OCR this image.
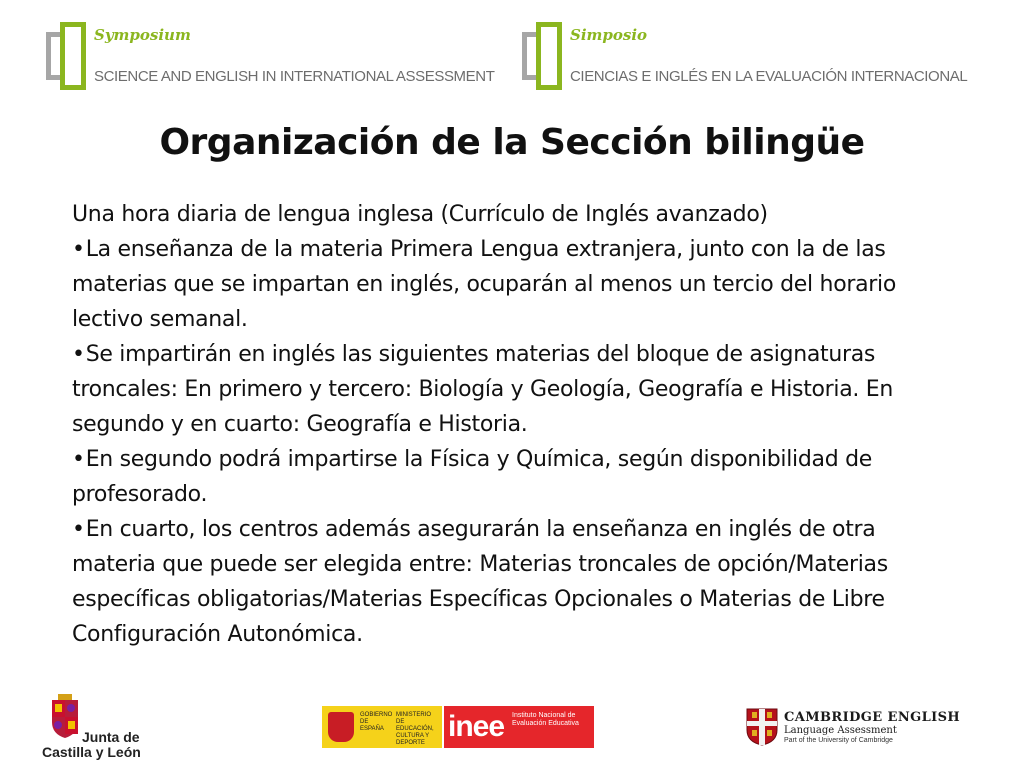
Symposium
SCIENCE AND ENGLISH IN INTERNATIONAL ASSESSMENT
Simposio
CIENCIAS E INGLÉS EN LA EVALUACIÓN INTERNACIONAL
Organización de la Sección bilingüe

Una hora diaria de lengua inglesa (Currículo de Inglés avanzado)

•La enseñanza de la materia Primera Lengua extranjera, junto con la de las materias que se impartan en inglés, ocuparán al menos un tercio del horario lectivo semanal.

•Se impartirán en inglés las siguientes materias del bloque de asignaturas troncales: En primero y tercero: Biología y Geología, Geografía e Historia. En segundo y en cuarto: Geografía e Historia.

•En segundo podrá impartirse la Física y Química, según disponibilidad de profesorado.

•En cuarto, los centros además asegurarán la enseñanza en inglés de otra materia que puede ser elegida entre: Materias troncales de opción/Materias específicas obligatorias/Materias Específicas Opcionales o Materias de Libre Configuración Autonómica.

Junta de
Castilla y León
GOBIERNO DE ESPAÑA
MINISTERIO DE EDUCACIÓN, CULTURA Y DEPORTE inee Instituto Nacional de Evaluación Educativa	CAMBRIDGE ENGLISH
Language Assessment
Part of the University of Cambridge
